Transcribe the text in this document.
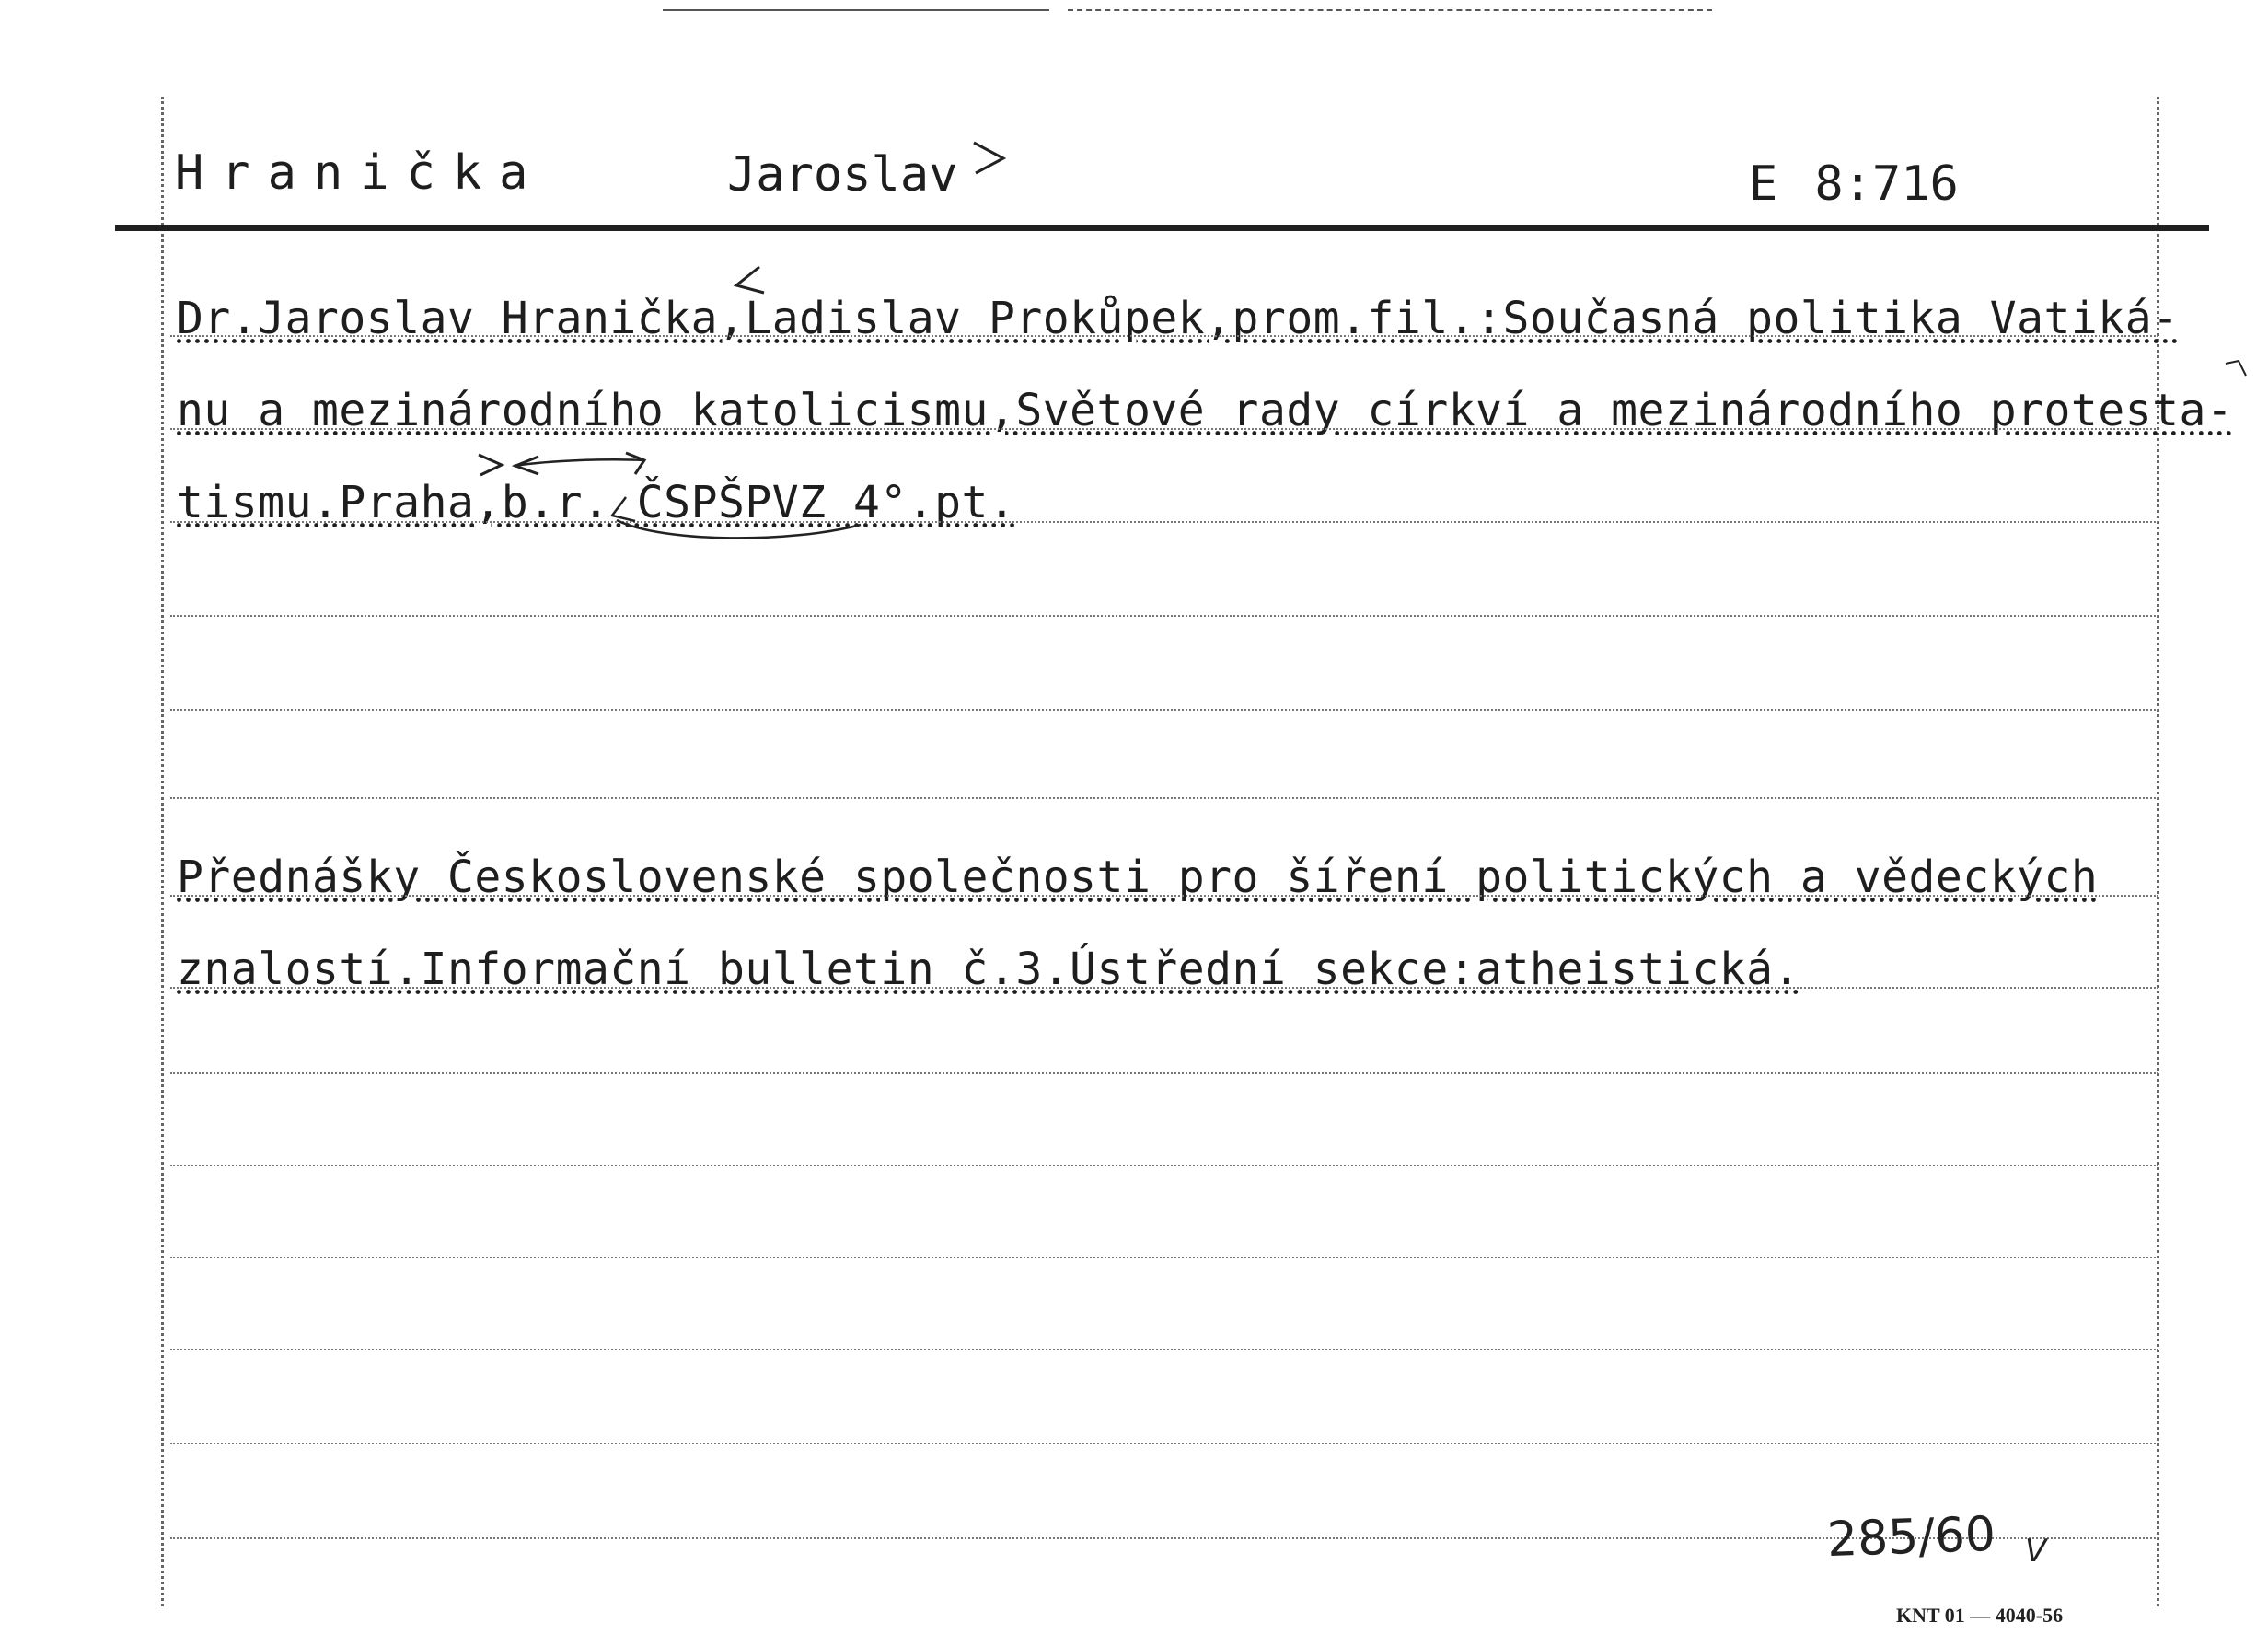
Hranička	Jaroslav	E 8:716
Dr.Jaroslav Hranička,Ladislav Prokůpek,prom.fil.:Současná politika Vatiká-
nu a mezinárodního katolicismu,Světové rady církví a mezinárodního protesta-
tismu.Praha,b.r. ČSPŠPVZ 4°.pt.
Přednášky Československé společnosti pro šíření politických a vědeckých
znalostí.Informační bulletin č.3.Ústřední sekce:atheistická.
285/60 V
KNT 01 — 4040-56
